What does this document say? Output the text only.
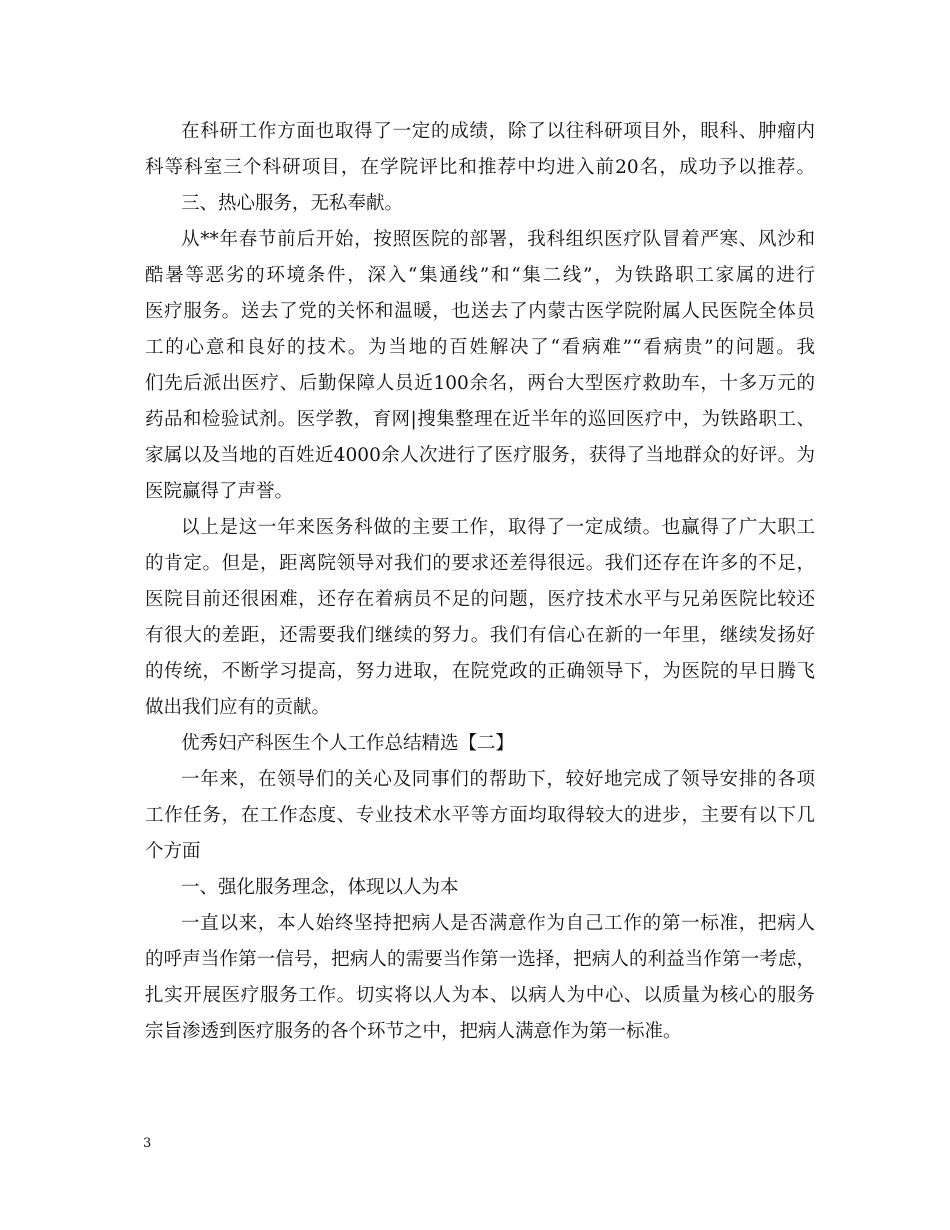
在科研工作方面也取得了一定的成绩，除了以往科研项目外，眼科、肿瘤内
科等科室三个科研项目，在学院评比和推荐中均进入前20名，成功予以推荐。
三、热心服务，无私奉献。
从**年春节前后开始，按照医院的部署，我科组织医疗队冒着严寒、风沙和
酷暑等恶劣的环境条件，深入“集通线”和“集二线”，为铁路职工家属的进行
医疗服务。送去了党的关怀和温暖，也送去了内蒙古医学院附属人民医院全体员
工的心意和良好的技术。为当地的百姓解决了“看病难”“看病贵”的问题。我
们先后派出医疗、后勤保障人员近100余名，两台大型医疗救助车，十多万元的
药品和检验试剂。医学教，育网|搜集整理在近半年的巡回医疗中，为铁路职工、
家属以及当地的百姓近4000余人次进行了医疗服务，获得了当地群众的好评。为
医院赢得了声誉。
以上是这一年来医务科做的主要工作，取得了一定成绩。也赢得了广大职工
的肯定。但是，距离院领导对我们的要求还差得很远。我们还存在许多的不足，
医院目前还很困难，还存在着病员不足的问题，医疗技术水平与兄弟医院比较还
有很大的差距，还需要我们继续的努力。我们有信心在新的一年里，继续发扬好
的传统，不断学习提高，努力进取，在院党政的正确领导下，为医院的早日腾飞
做出我们应有的贡献。
优秀妇产科医生个人工作总结精选【二】
一年来，在领导们的关心及同事们的帮助下，较好地完成了领导安排的各项
工作任务，在工作态度、专业技术水平等方面均取得较大的进步，主要有以下几
个方面
一、强化服务理念，体现以人为本
一直以来，本人始终坚持把病人是否满意作为自己工作的第一标准，把病人
的呼声当作第一信号，把病人的需要当作第一选择，把病人的利益当作第一考虑，
扎实开展医疗服务工作。切实将以人为本、以病人为中心、以质量为核心的服务
宗旨渗透到医疗服务的各个环节之中，把病人满意作为第一标准。
3
